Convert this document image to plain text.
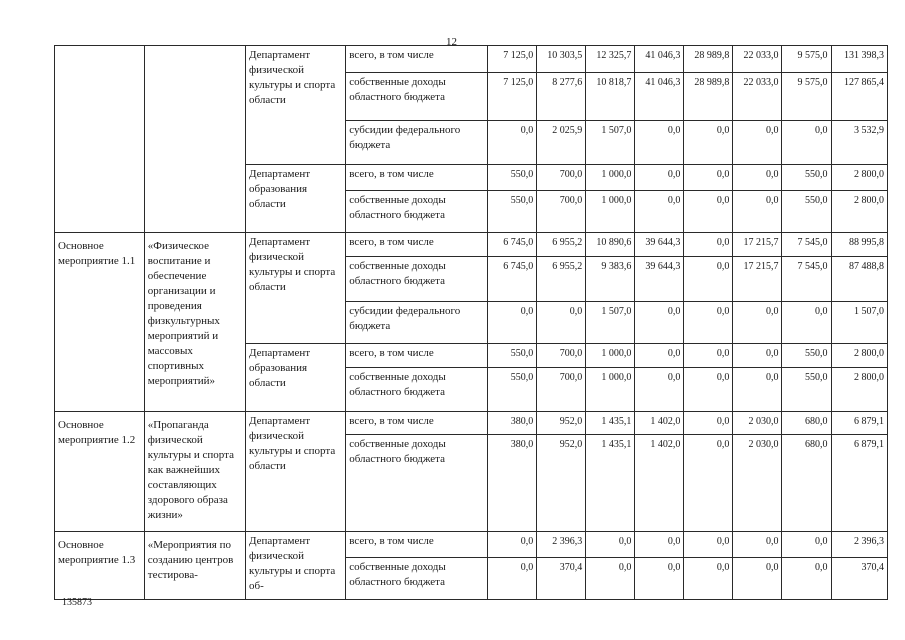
12
		Департамент физической культуры и спорта области	всего, в том числе	7 125,0	10 303,5	12 325,7	41 046,3	28 989,8	22 033,0	9 575,0	131 398,3
			собственные доходы областного бюджета	7 125,0	8 277,6	10 818,7	41 046,3	28 989,8	22 033,0	9 575,0	127 865,4
			субсидии федерального бюджета	0,0	2 025,9	1 507,0	0,0	0,0	0,0	0,0	3 532,9
		Департамент образования области	всего, в том числе	550,0	700,0	1 000,0	0,0	0,0	0,0	550,0	2 800,0
			собственные доходы областного бюджета	550,0	700,0	1 000,0	0,0	0,0	0,0	550,0	2 800,0
Основное мероприятие 1.1	«Физическое воспитание и обеспечение организации и проведения физкультурных мероприятий и массовых спортивных мероприятий»	Департамент физической культуры и спорта области	всего, в том числе	6 745,0	6 955,2	10 890,6	39 644,3	0,0	17 215,7	7 545,0	88 995,8
			собственные доходы областного бюджета	6 745,0	6 955,2	9 383,6	39 644,3	0,0	17 215,7	7 545,0	87 488,8
			субсидии федерального бюджета	0,0	0,0	1 507,0	0,0	0,0	0,0	0,0	1 507,0
		Департамент образования области	всего, в том числе	550,0	700,0	1 000,0	0,0	0,0	0,0	550,0	2 800,0
			собственные доходы областного бюджета	550,0	700,0	1 000,0	0,0	0,0	0,0	550,0	2 800,0
Основное мероприятие 1.2	«Пропаганда физической культуры и спорта как важнейших составляющих здорового образа жизни»	Департамент физической культуры и спорта области	всего, в том числе	380,0	952,0	1 435,1	1 402,0	0,0	2 030,0	680,0	6 879,1
			собственные доходы областного бюджета	380,0	952,0	1 435,1	1 402,0	0,0	2 030,0	680,0	6 879,1
Основное мероприятие 1.3	«Мероприятия по созданию центров тестирова-	Департамент физической культуры и спорта об-	всего, в том числе	0,0	2 396,3	0,0	0,0	0,0	0,0	0,0	2 396,3
			собственные доходы областного бюджета	0,0	370,4	0,0	0,0	0,0	0,0	0,0	370,4
135873
